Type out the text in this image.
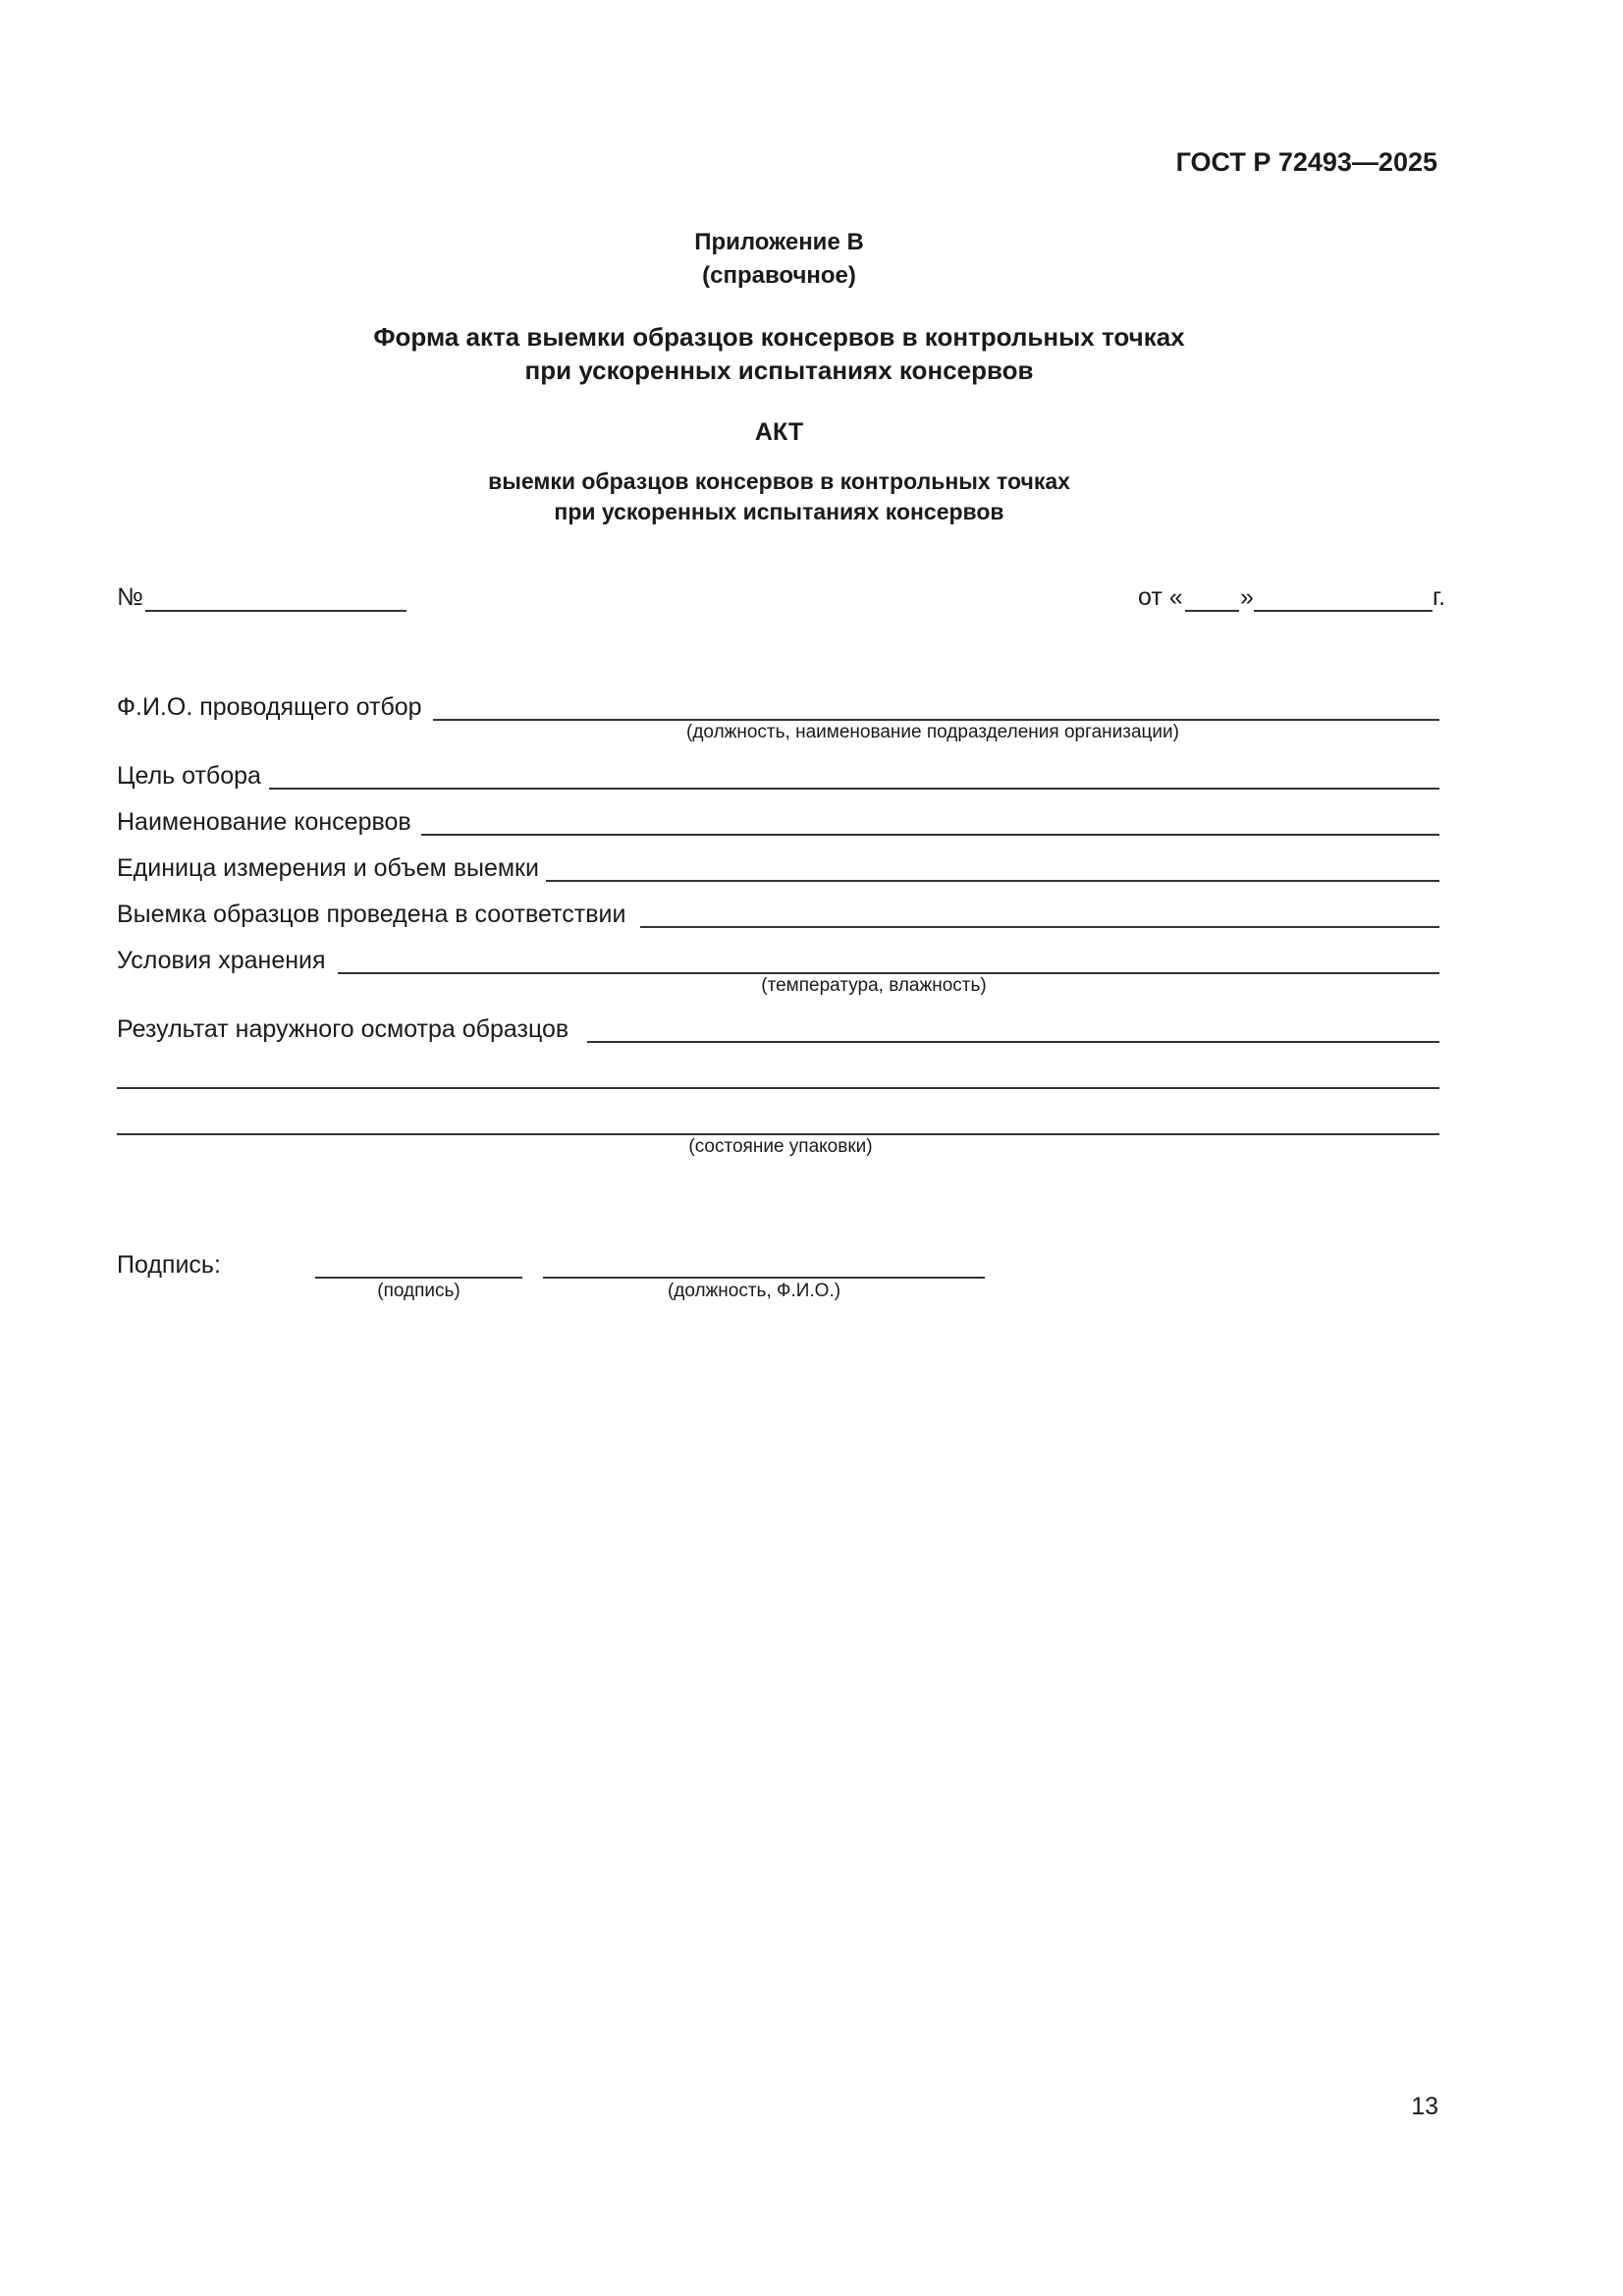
ГОСТ Р 72493—2025
Приложение В
(справочное)
Форма акта выемки образцов консервов в контрольных точках
при ускоренных испытаниях консервов
АКТ
выемки образцов консервов в контрольных точках
при ускоренных испытаниях консервов
№	от « »	г.
Ф.И.О. проводящего отбор
(должность, наименование подразделения организации)
Цель отбора
Наименование консервов
Единица измерения и объем выемки
Выемка образцов проведена в соответствии
Условия хранения
(температура, влажность)
Результат наружного осмотра образцов
(состояние упаковки)
Подпись:
(подпись)	(должность, Ф.И.О.)
13
